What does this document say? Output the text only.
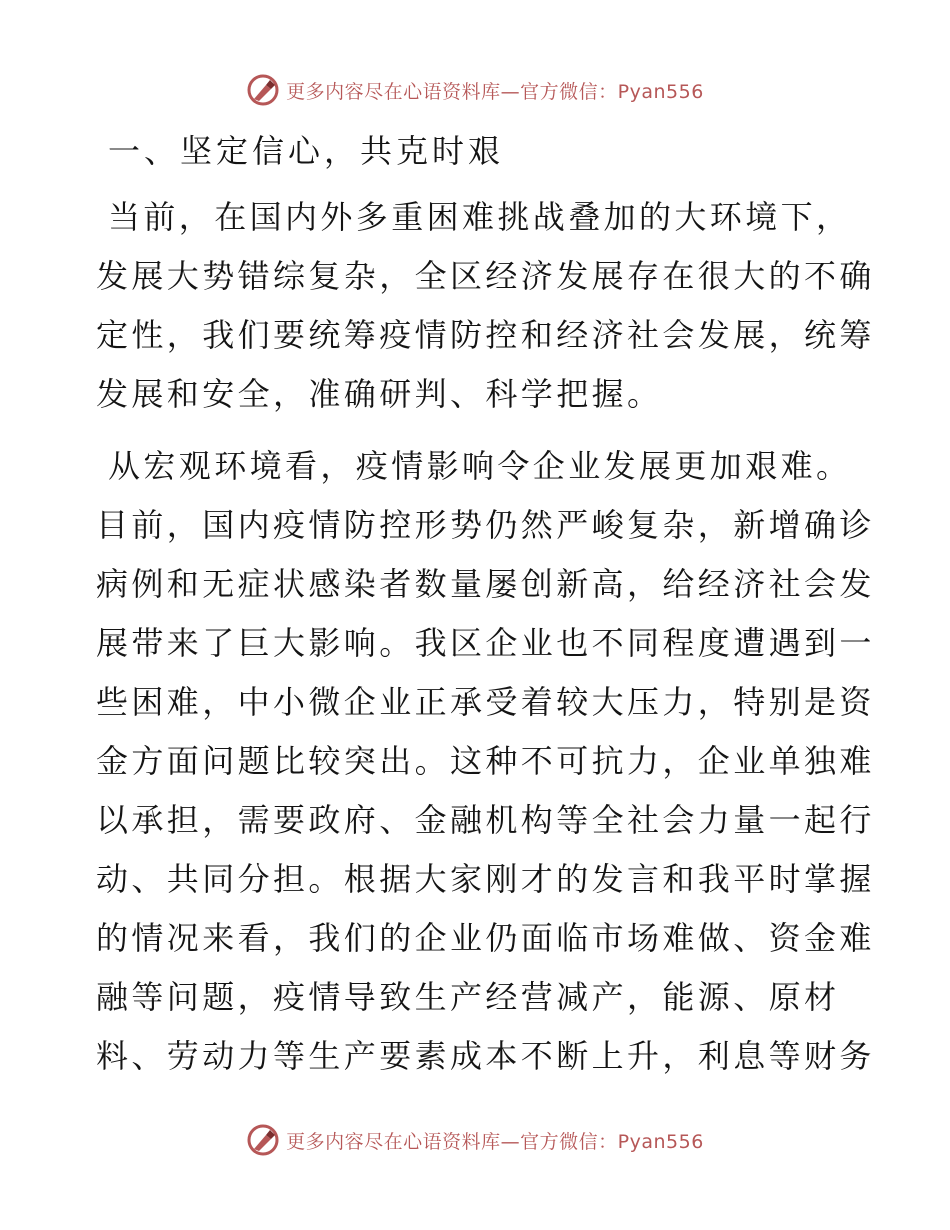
更多内容尽在心语资料库—官方微信：Pyan556
一、坚定信心，共克时艰

当前，在国内外多重困难挑战叠加的大环境下，

发展大势错综复杂，全区经济发展存在很大的不确

定性，我们要统筹疫情防控和经济社会发展，统筹

发展和安全，准确研判、科学把握。

从宏观环境看，疫情影响令企业发展更加艰难。

目前，国内疫情防控形势仍然严峻复杂，新增确诊

病例和无症状感染者数量屡创新高，给经济社会发

展带来了巨大影响。我区企业也不同程度遭遇到一

些困难，中小微企业正承受着较大压力，特别是资

金方面问题比较突出。这种不可抗力，企业单独难

以承担，需要政府、金融机构等全社会力量一起行

动、共同分担。根据大家刚才的发言和我平时掌握

的情况来看，我们的企业仍面临市场难做、资金难

融等问题，疫情导致生产经营减产，能源、原材

料、劳动力等生产要素成本不断上升，利息等财务

更多内容尽在心语资料库—官方微信：Pyan556
